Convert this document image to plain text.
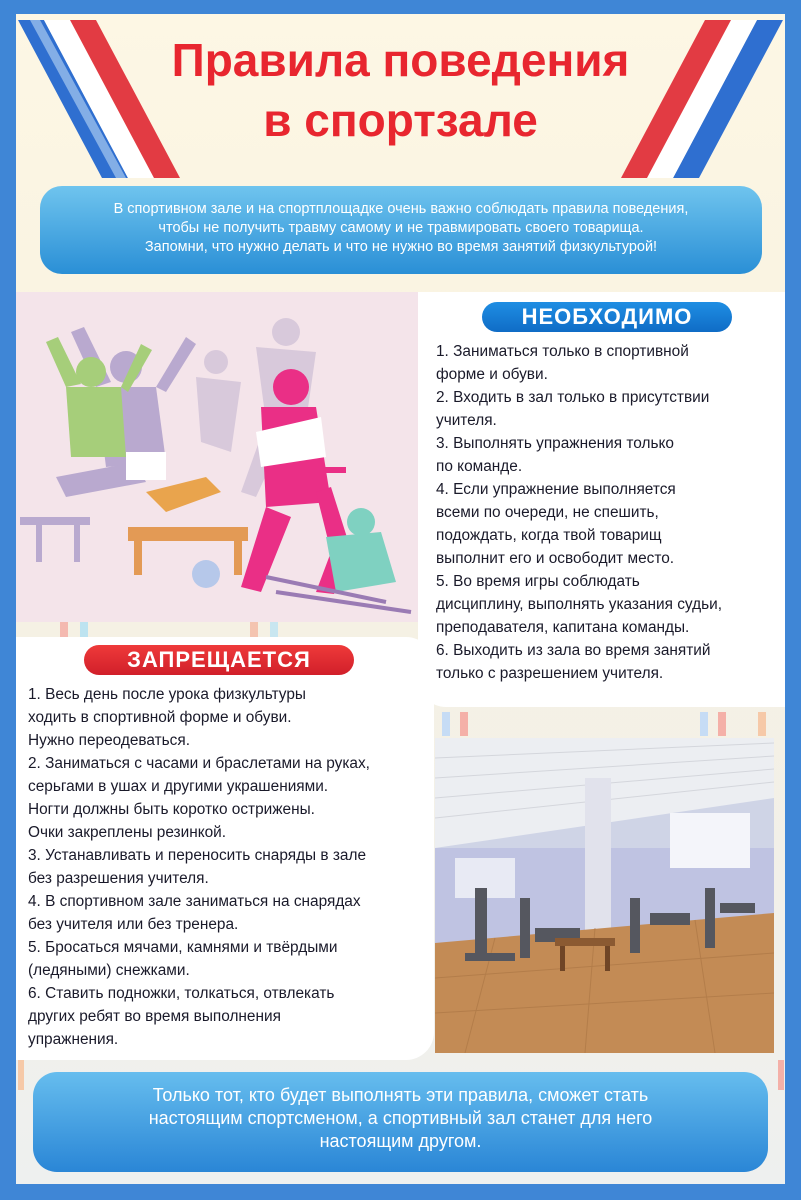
Правила поведения
в спортзале
В спортивном зале и на спортплощадке очень важно соблюдать правила поведения,
чтобы не получить травму самому и не травмировать своего товарища.
Запомни, что нужно делать и что не нужно во время занятий физкультурой!
НЕОБХОДИМО
1. Заниматься только в спортивной
форме и обуви.
2. Входить в зал только в присутствии
учителя.
3. Выполнять упражнения только
по команде.
4. Если упражнение выполняется
всеми по очереди, не спешить,
подождать, когда твой товарищ
выполнит его и освободит место.
5. Во время игры соблюдать
дисциплину, выполнять указания судьи,
преподавателя, капитана команды.
6. Выходить из зала во время занятий
только с разрешением учителя.
ЗАПРЕЩАЕТСЯ
1. Весь день после урока физкультуры
ходить в спортивной форме и обуви.
Нужно переодеваться.
2. Заниматься с часами и браслетами на руках,
серьгами в ушах и другими украшениями.
Ногти должны быть коротко острижены.
Очки закреплены резинкой.
3. Устанавливать и переносить снаряды в зале
без разрешения учителя.
4. В спортивном зале заниматься на снарядах
без учителя или без тренера.
5. Бросаться мячами, камнями и твёрдыми
(ледяными) снежками.
6. Ставить подножки, толкаться, отвлекать
других ребят во время выполнения
упражнения.
Только тот, кто будет выполнять эти правила, сможет стать
настоящим спортсменом, а спортивный зал станет для него
настоящим другом.
